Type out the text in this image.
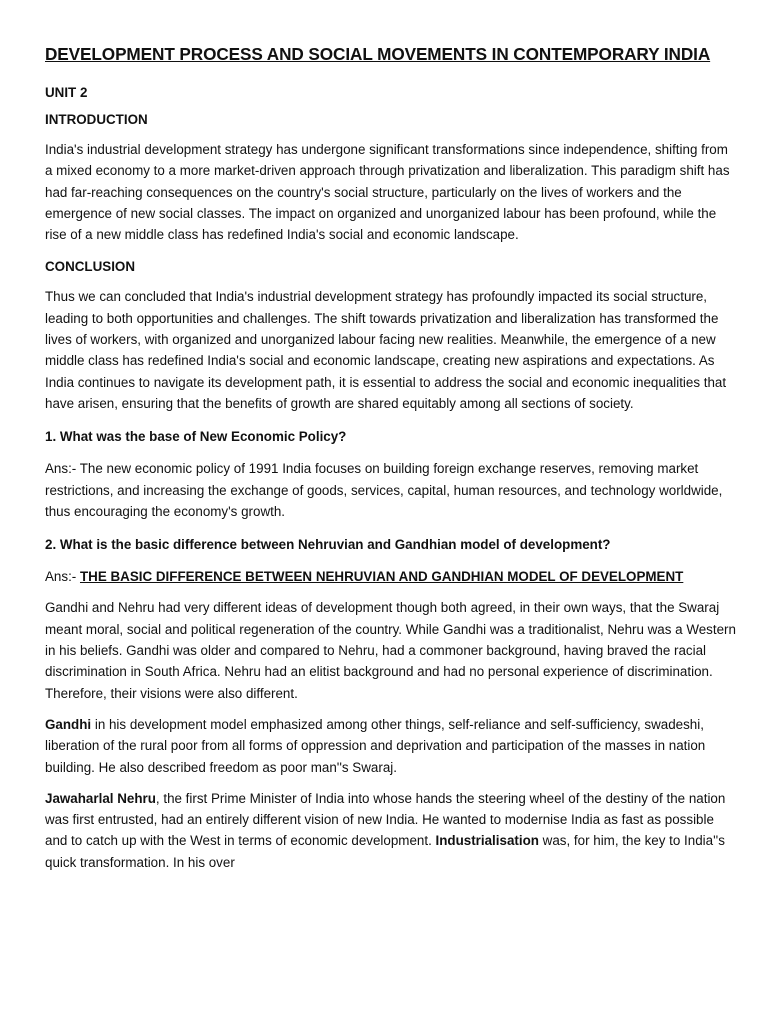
DEVELOPMENT PROCESS AND SOCIAL MOVEMENTS IN CONTEMPORARY INDIA
UNIT 2
INTRODUCTION

India's industrial development strategy has undergone significant transformations since independence, shifting from a mixed economy to a more market-driven approach through privatization and liberalization. This paradigm shift has had far-reaching consequences on the country's social structure, particularly on the lives of workers and the emergence of new social classes. The impact on organized and unorganized labour has been profound, while the rise of a new middle class has redefined India's social and economic landscape.

CONCLUSION

Thus we can concluded that India's industrial development strategy has profoundly impacted its social structure, leading to both opportunities and challenges. The shift towards privatization and liberalization has transformed the lives of workers, with organized and unorganized labour facing new realities. Meanwhile, the emergence of a new middle class has redefined India's social and economic landscape, creating new aspirations and expectations. As India continues to navigate its development path, it is essential to address the social and economic inequalities that have arisen, ensuring that the benefits of growth are shared equitably among all sections of society.

1. What was the base of New Economic Policy?

Ans:- The new economic policy of 1991 India focuses on building foreign exchange reserves, removing market restrictions, and increasing the exchange of goods, services, capital, human resources, and technology worldwide, thus encouraging the economy's growth.

2. What is the basic difference between Nehruvian and Gandhian model of development?

Ans:- THE BASIC DIFFERENCE BETWEEN NEHRUVIAN AND GANDHIAN MODEL OF DEVELOPMENT

Gandhi and Nehru had very different ideas of development though both agreed, in their own ways, that the Swaraj meant moral, social and political regeneration of the country. While Gandhi was a traditionalist, Nehru was a Western in his beliefs. Gandhi was older and compared to Nehru, had a commoner background, having braved the racial discrimination in South Africa. Nehru had an elitist background and had no personal experience of discrimination. Therefore, their visions were also different.

Gandhi in his development model emphasized among other things, self-reliance and self-sufficiency, swadeshi, liberation of the rural poor from all forms of oppression and deprivation and participation of the masses in nation building. He also described freedom as poor man''s Swaraj.

Jawaharlal Nehru, the first Prime Minister of India into whose hands the steering wheel of the destiny of the nation was first entrusted, had an entirely different vision of new India. He wanted to modernise India as fast as possible and to catch up with the West in terms of economic development. Industrialisation was, for him, the key to India''s quick transformation. In his over
